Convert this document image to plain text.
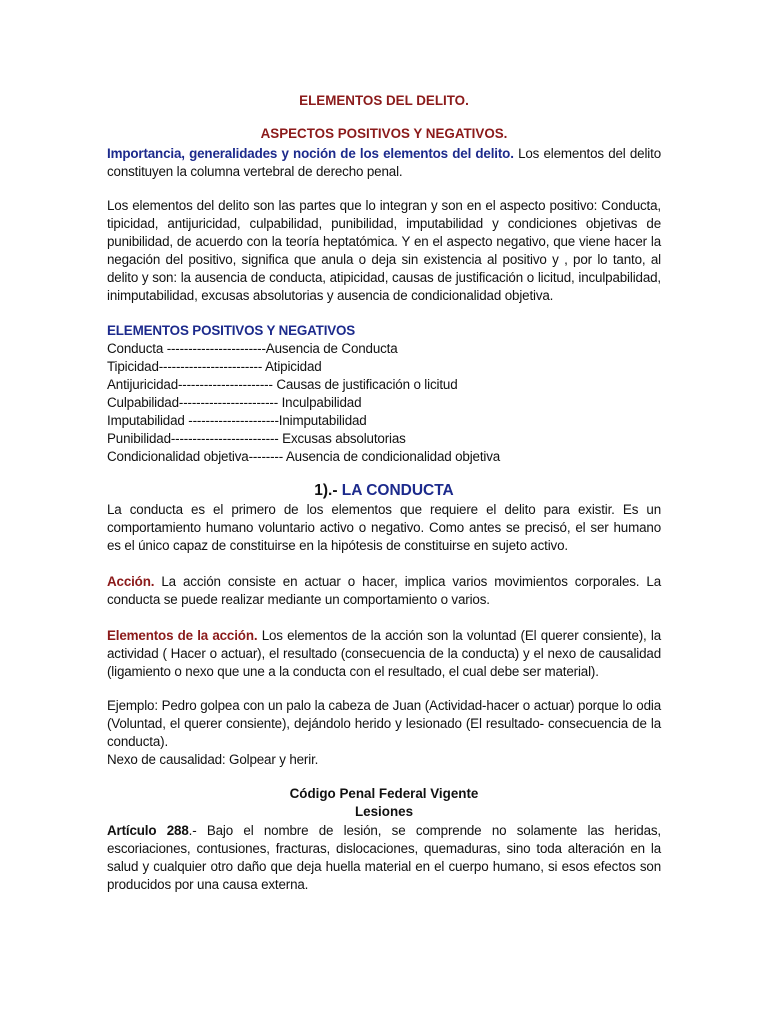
ELEMENTOS DEL DELITO.
ASPECTOS POSITIVOS Y NEGATIVOS.
Importancia, generalidades y noción de los elementos del delito. Los elementos del delito constituyen la columna vertebral de derecho penal.
Los elementos del delito son las partes que lo integran y son en el aspecto positivo: Conducta, tipicidad, antijuricidad, culpabilidad, punibilidad, imputabilidad y condiciones objetivas de punibilidad, de acuerdo con la teoría heptatómica. Y en el aspecto negativo, que viene hacer la negación del positivo, significa que anula o deja sin existencia al positivo y , por lo tanto, al delito y son: la ausencia de conducta, atipicidad, causas de justificación o licitud, inculpabilidad, inimputabilidad, excusas absolutorias y ausencia de condicionalidad objetiva.
ELEMENTOS POSITIVOS Y NEGATIVOS
Conducta -----------------------Ausencia de Conducta
Tipicidad------------------------ Atipicidad
Antijuricidad---------------------- Causas de justificación o licitud
Culpabilidad----------------------- Inculpabilidad
Imputabilidad ---------------------Inimputabilidad
Punibilidad------------------------- Excusas absolutorias
Condicionalidad objetiva-------- Ausencia de condicionalidad objetiva
1).- LA CONDUCTA
La conducta es el primero de los elementos que requiere el delito para existir. Es un comportamiento humano voluntario activo o negativo. Como antes se precisó, el ser humano es el único capaz de constituirse en la hipótesis de constituirse en sujeto activo.
Acción. La acción consiste en actuar o hacer, implica varios movimientos corporales. La conducta se puede realizar mediante un comportamiento o varios.
Elementos de la acción. Los elementos de la acción son la voluntad (El querer consiente), la actividad ( Hacer o actuar), el resultado (consecuencia de la conducta) y el nexo de causalidad (ligamiento o nexo que une a la conducta con el resultado, el cual debe ser material).
Ejemplo: Pedro golpea con un palo la cabeza de Juan (Actividad-hacer o actuar) porque lo odia (Voluntad, el querer consiente), dejándolo herido y lesionado (El resultado- consecuencia de la conducta).
Nexo de causalidad: Golpear y herir.
Código Penal Federal Vigente
Lesiones
Artículo 288.- Bajo el nombre de lesión, se comprende no solamente las heridas, escoriaciones, contusiones, fracturas, dislocaciones, quemaduras, sino toda alteración en la salud y cualquier otro daño que deja huella material en el cuerpo humano, si esos efectos son producidos por una causa externa.
